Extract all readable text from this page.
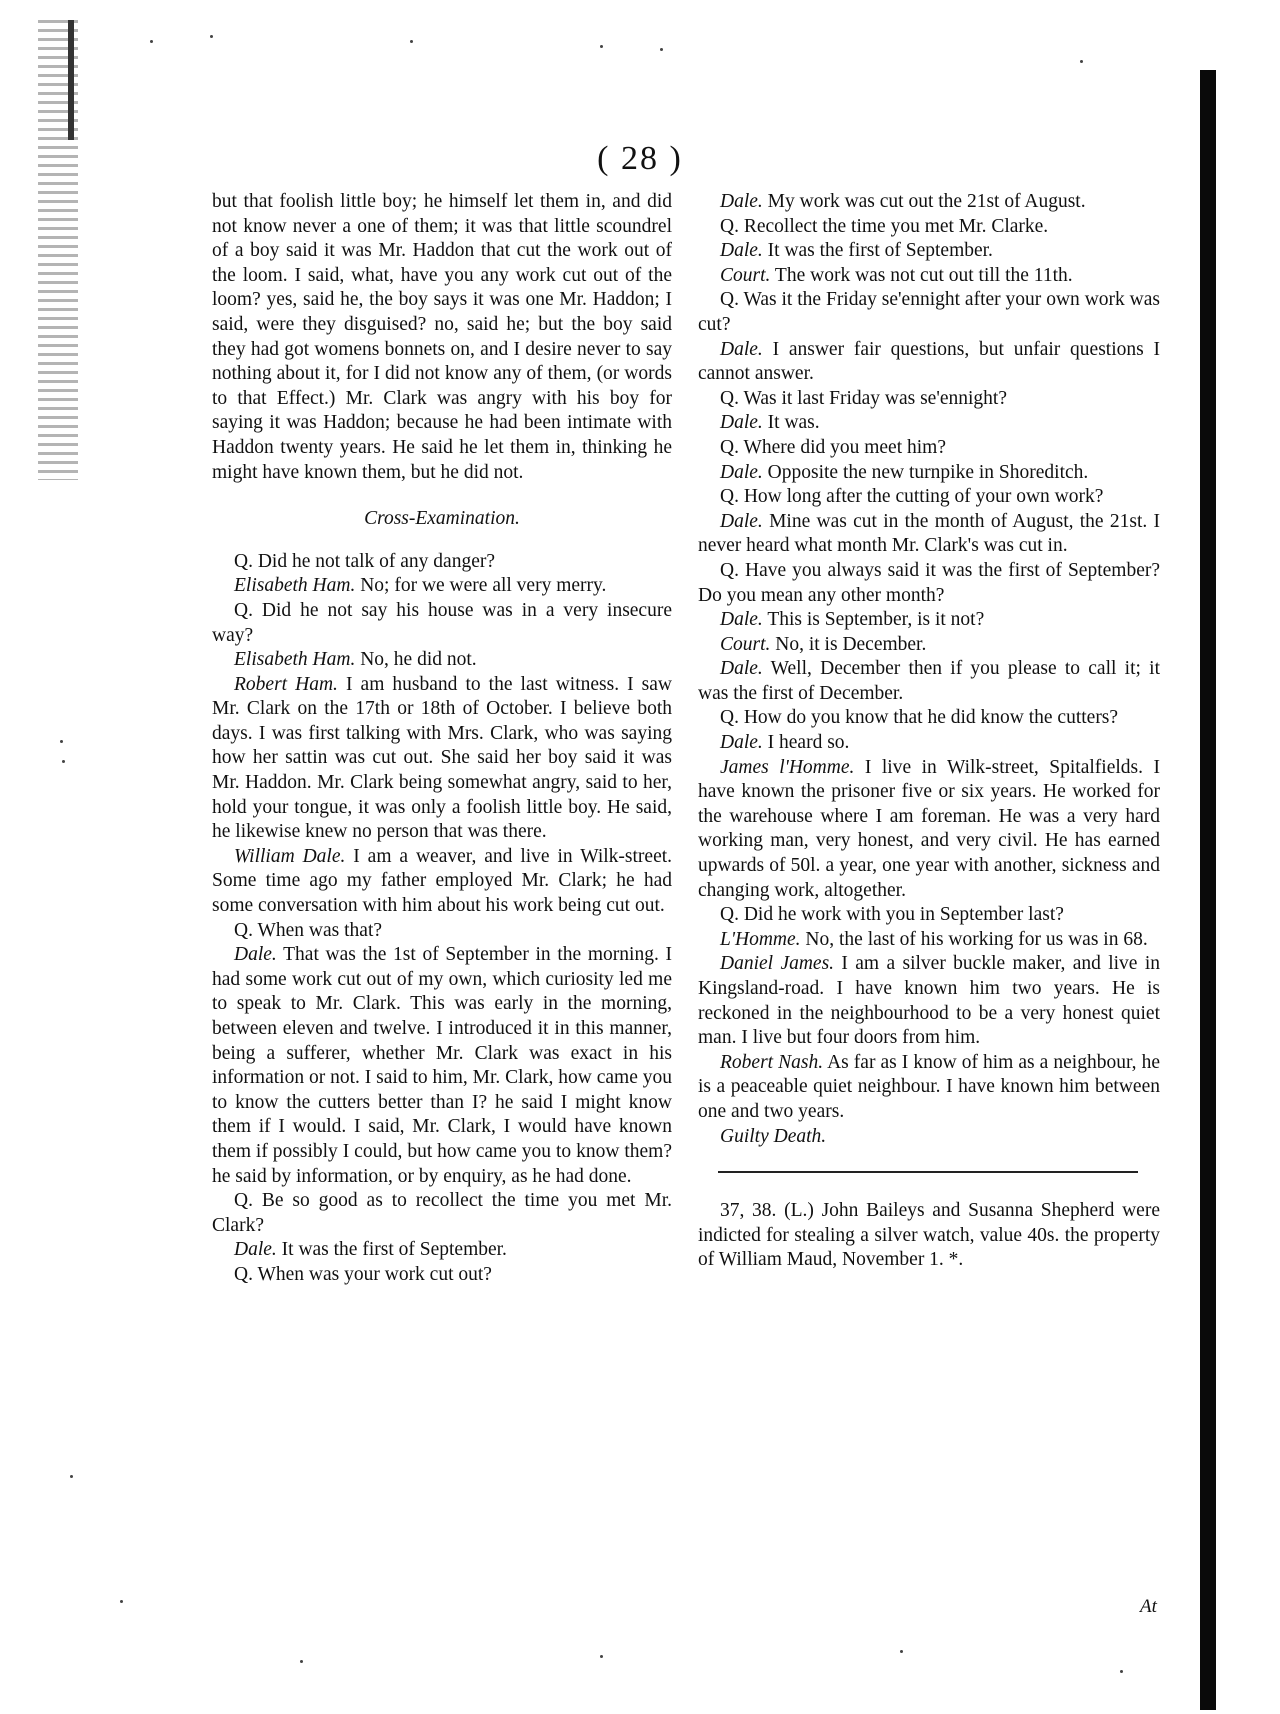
( 28 )

but that foolish little boy; he himself let them in, and did not know never a one of them; it was that little scoundrel of a boy said it was Mr. Haddon that cut the work out of the loom. I said, what, have you any work cut out of the loom? yes, said he, the boy says it was one Mr. Haddon; I said, were they disguised? no, said he; but the boy said they had got womens bonnets on, and I desire never to say nothing about it, for I did not know any of them, (or words to that Effect.) Mr. Clark was angry with his boy for saying it was Haddon; because he had been intimate with Haddon twenty years. He said he let them in, thinking he might have known them, but he did not.

Cross-Examination.

Q. Did he not talk of any danger?

Elisabeth Ham. No; for we were all very merry.

Q. Did he not say his house was in a very insecure way?

Elisabeth Ham. No, he did not.

Robert Ham. I am husband to the last witness. I saw Mr. Clark on the 17th or 18th of October. I believe both days. I was first talking with Mrs. Clark, who was saying how her sattin was cut out. She said her boy said it was Mr. Haddon. Mr. Clark being somewhat angry, said to her, hold your tongue, it was only a foolish little boy. He said, he likewise knew no person that was there.

William Dale. I am a weaver, and live in Wilk-street. Some time ago my father employed Mr. Clark; he had some conversation with him about his work being cut out.

Q. When was that?

Dale. That was the 1st of September in the morning. I had some work cut out of my own, which curiosity led me to speak to Mr. Clark. This was early in the morning, between eleven and twelve. I introduced it in this manner, being a sufferer, whether Mr. Clark was exact in his information or not. I said to him, Mr. Clark, how came you to know the cutters better than I? he said I might know them if I would. I said, Mr. Clark, I would have known them if possibly I could, but how came you to know them? he said by information, or by enquiry, as he had done.

Q. Be so good as to recollect the time you met Mr. Clark?

Dale. It was the first of September.

Q. When was your work cut out?

Dale. My work was cut out the 21st of August.

Q. Recollect the time you met Mr. Clarke.

Dale. It was the first of September.

Court. The work was not cut out till the 11th.

Q. Was it the Friday se'ennight after your own work was cut?

Dale. I answer fair questions, but unfair questions I cannot answer.

Q. Was it last Friday was se'ennight?

Dale. It was.

Q. Where did you meet him?

Dale. Opposite the new turnpike in Shoreditch.

Q. How long after the cutting of your own work?

Dale. Mine was cut in the month of August, the 21st. I never heard what month Mr. Clark's was cut in.

Q. Have you always said it was the first of September? Do you mean any other month?

Dale. This is September, is it not?

Court. No, it is December.

Dale. Well, December then if you please to call it; it was the first of December.

Q. How do you know that he did know the cutters?

Dale. I heard so.

James l'Homme. I live in Wilk-street, Spitalfields. I have known the prisoner five or six years. He worked for the warehouse where I am foreman. He was a very hard working man, very honest, and very civil. He has earned upwards of 50l. a year, one year with another, sickness and changing work, altogether.

Q. Did he work with you in September last?

L'Homme. No, the last of his working for us was in 68.

Daniel James. I am a silver buckle maker, and live in Kingsland-road. I have known him two years. He is reckoned in the neighbourhood to be a very honest quiet man. I live but four doors from him.

Robert Nash. As far as I know of him as a neighbour, he is a peaceable quiet neighbour. I have known him between one and two years.

Guilty Death.

37, 38. (L.) John Baileys and Susanna Shepherd were indicted for stealing a silver watch, value 40s. the property of William Maud, November 1. *.

At
